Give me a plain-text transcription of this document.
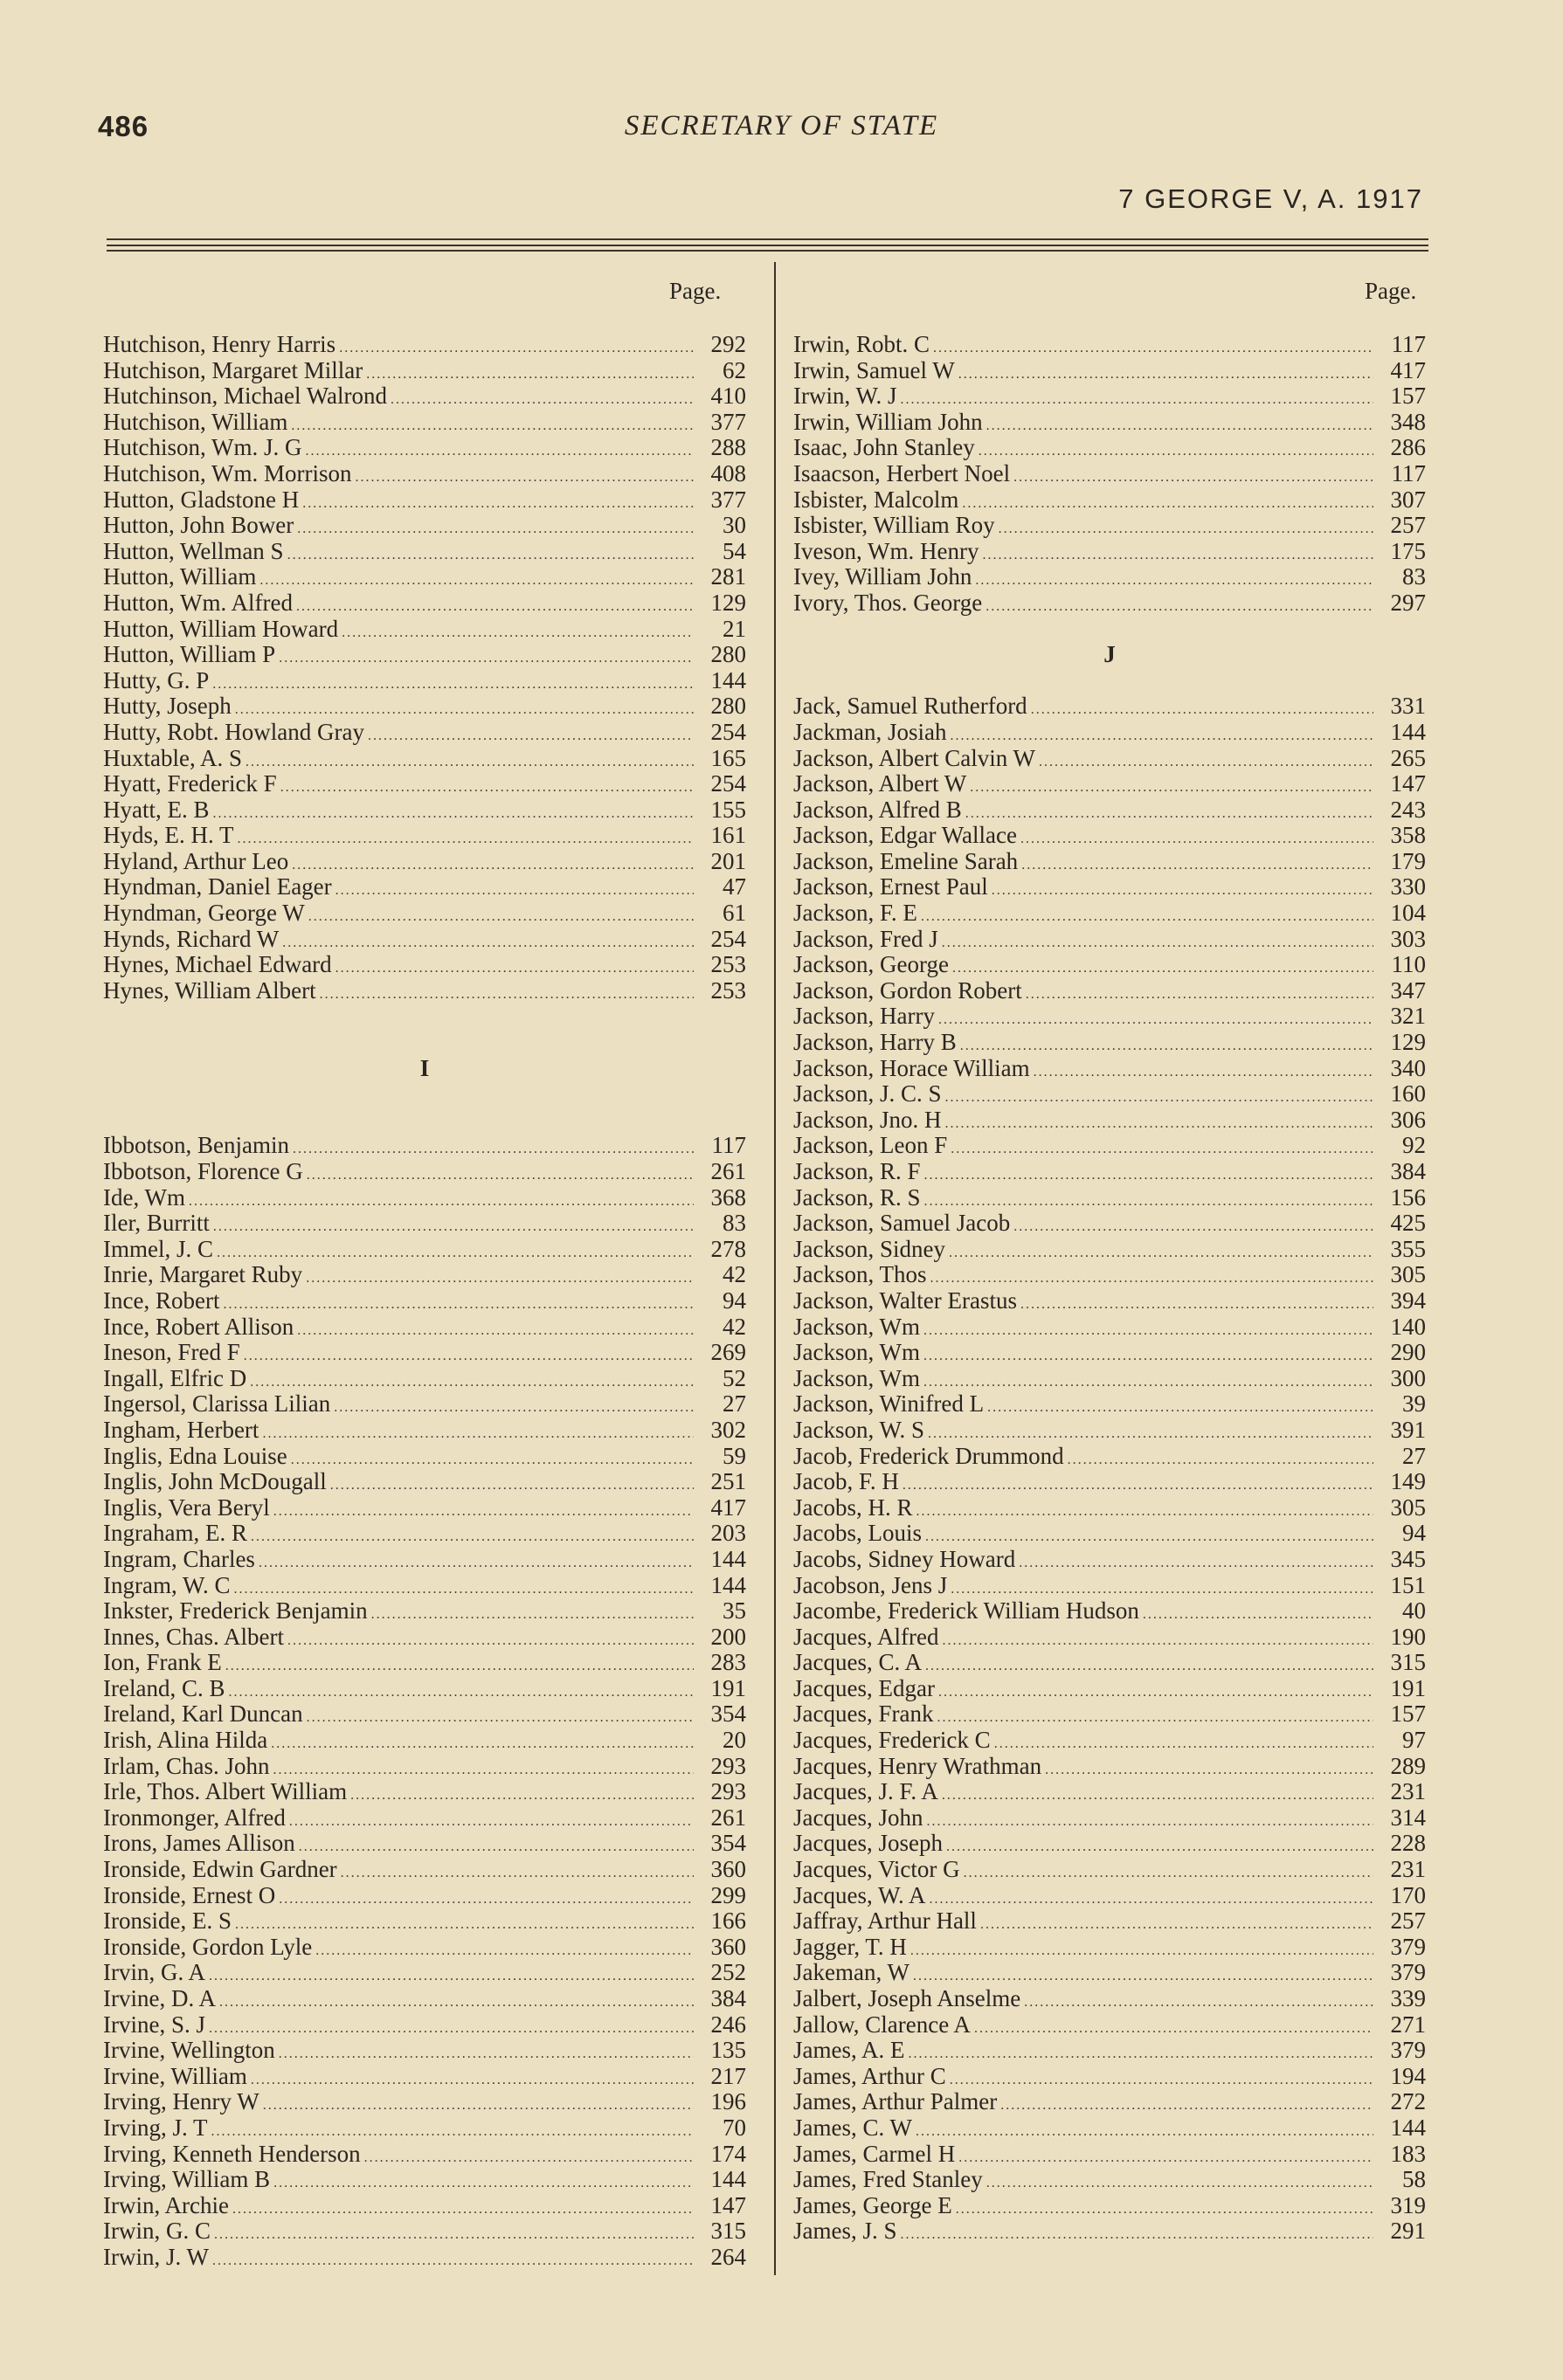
486	SECRETARY OF STATE
7 GEORGE V, A. 1917
Page.	Page.
Hutchison, Henry Harris .....	292
Hutchison, Margaret Millar .....	62
Hutchinson, Michael Walrond .....	410
Hutchison, William .....	377
Hutchison, Wm. J. G .....	288
Hutchison, Wm. Morrison .....	408
Hutton, Gladstone H .....	377
Hutton, John Bower .....	30
Hutton, Wellman S .....	54
Hutton, William .....	281
Hutton, Wm. Alfred .....	129
Hutton, William Howard .....	21
Hutton, William P .....	280
Hutty, G. P .....	144
Hutty, Joseph .....	280
Hutty, Robt. Howland Gray .....	254
Huxtable, A. S .....	165
Hyatt, Frederick F .....	254
Hyatt, E. B .....	155
Hyds, E. H. T .....	161
Hyland, Arthur Leo .....	201
Hyndman, Daniel Eager .....	47
Hyndman, George W .....	61
Hynds, Richard W .....	254
Hynes, Michael Edward .....	253
Hynes, William Albert .....	253
I
Ibbotson, Benjamin .....	117
Ibbotson, Florence G .....	261
Ide, Wm .....	368
Iler, Burritt .....	83
Immel, J. C .....	278
Inrie, Margaret Ruby .....	42
Ince, Robert .....	94
Ince, Robert Allison .....	42
Ineson, Fred F .....	269
Ingall, Elfric D .....	52
Ingersol, Clarissa Lilian .....	27
Ingham, Herbert .....	302
Inglis, Edna Louise .....	59
Inglis, John McDougall .....	251
Inglis, Vera Beryl .....	417
Ingraham, E. R .....	203
Ingram, Charles .....	144
Ingram, W. C .....	144
Inkster, Frederick Benjamin .....	35
Innes, Chas. Albert .....	200
Ion, Frank E .....	283
Ireland, C. B .....	191
Ireland, Karl Duncan .....	354
Irish, Alina Hilda .....	20
Irlam, Chas. John .....	293
Irle, Thos. Albert William .....	293
Ironmonger, Alfred .....	261
Irons, James Allison .....	354
Ironside, Edwin Gardner .....	360
Ironside, Ernest O .....	299
Ironside, E. S .....	166
Ironside, Gordon Lyle .....	360
Irvin, G. A .....	252
Irvine, D. A .....	384
Irvine, S. J .....	246
Irvine, Wellington .....	135
Irvine, William .....	217
Irving, Henry W .....	196
Irving, J. T .....	70
Irving, Kenneth Henderson .....	174
Irving, William B .....	144
Irwin, Archie .....	147
Irwin, G. C .....	315
Irwin, J. W .....	264
Irwin, Robt. C .....	117
Irwin, Samuel W .....	417
Irwin, W. J .....	157
Irwin, William John .....	348
Isaac, John Stanley .....	286
Isaacson, Herbert Noel .....	117
Isbister, Malcolm .....	307
Isbister, William Roy .....	257
Iveson, Wm. Henry .....	175
Ivey, William John .....	83
Ivory, Thos. George .....	297
J
Jack, Samuel Rutherford .....	331
Jackman, Josiah .....	144
Jackson, Albert Calvin W .....	265
Jackson, Albert W .....	147
Jackson, Alfred B .....	243
Jackson, Edgar Wallace .....	358
Jackson, Emeline Sarah .....	179
Jackson, Ernest Paul .....	330
Jackson, F. E .....	104
Jackson, Fred J .....	303
Jackson, George .....	110
Jackson, Gordon Robert .....	347
Jackson, Harry .....	321
Jackson, Harry B .....	129
Jackson, Horace William .....	340
Jackson, J. C. S .....	160
Jackson, Jno. H .....	306
Jackson, Leon F .....	92
Jackson, R. F .....	384
Jackson, R. S .....	156
Jackson, Samuel Jacob .....	425
Jackson, Sidney .....	355
Jackson, Thos .....	305
Jackson, Walter Erastus .....	394
Jackson, Wm .....	140
Jackson, Wm .....	290
Jackson, Wm .....	300
Jackson, Winifred L .....	39
Jackson, W. S .....	391
Jacob, Frederick Drummond .....	27
Jacob, F. H .....	149
Jacobs, H. R .....	305
Jacobs, Louis .....	94
Jacobs, Sidney Howard .....	345
Jacobson, Jens J .....	151
Jacombe, Frederick William Hudson .....	40
Jacques, Alfred .....	190
Jacques, C. A .....	315
Jacques, Edgar .....	191
Jacques, Frank .....	157
Jacques, Frederick C .....	97
Jacques, Henry Wrathman .....	289
Jacques, J. F. A .....	231
Jacques, John .....	314
Jacques, Joseph .....	228
Jacques, Victor G .....	231
Jacques, W. A .....	170
Jaffray, Arthur Hall .....	257
Jagger, T. H .....	379
Jakeman, W .....	379
Jalbert, Joseph Anselme .....	339
Jallow, Clarence A .....	271
James, A. E .....	379
James, Arthur C .....	194
James, Arthur Palmer .....	272
James, C. W .....	144
James, Carmel H .....	183
James, Fred Stanley .....	58
James, George E .....	319
James, J. S .....	291
